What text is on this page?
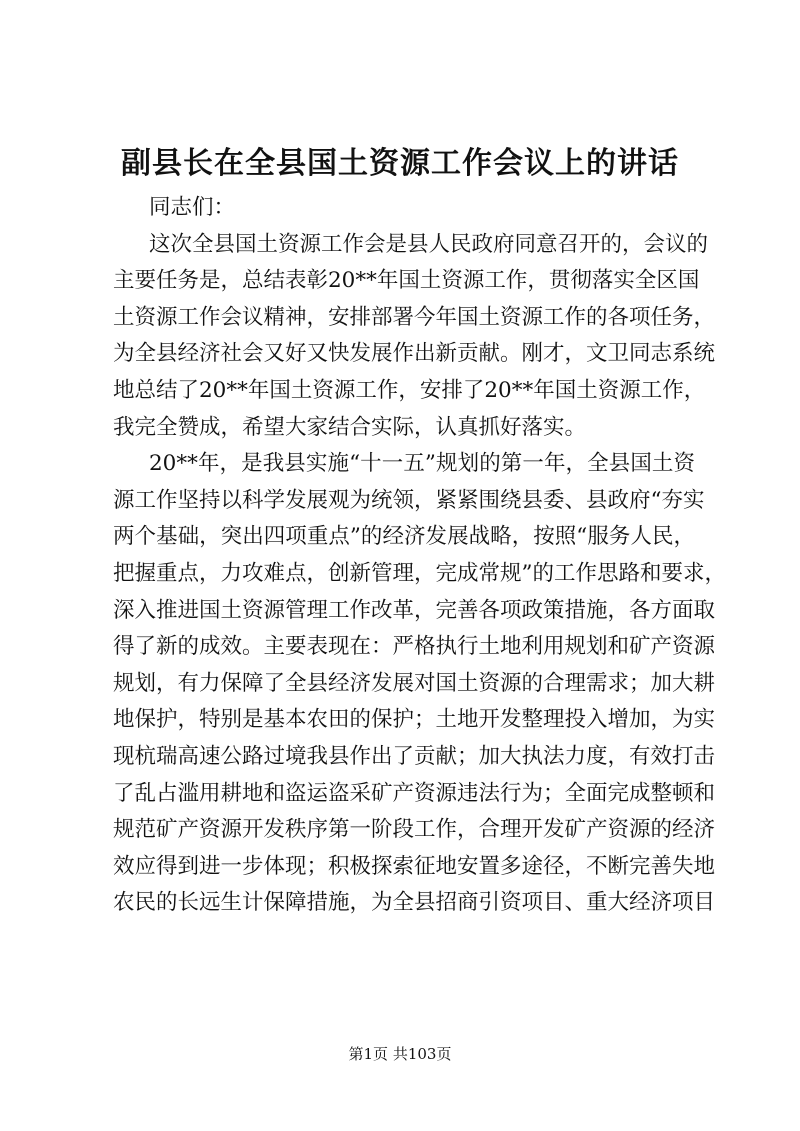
副县长在全县国土资源工作会议上的讲话
同志们：
这次全县国土资源工作会是县人民政府同意召开的，会议的
主要任务是，总结表彰20**年国土资源工作，贯彻落实全区国
土资源工作会议精神，安排部署今年国土资源工作的各项任务，
为全县经济社会又好又快发展作出新贡献。刚才，文卫同志系统
地总结了20**年国土资源工作，安排了20**年国土资源工作，
我完全赞成，希望大家结合实际，认真抓好落实。
20**年，是我县实施“十一五”规划的第一年，全县国土资
源工作坚持以科学发展观为统领，紧紧围绕县委、县政府“夯实
两个基础，突出四项重点”的经济发展战略，按照“服务人民，
把握重点，力攻难点，创新管理，完成常规”的工作思路和要求，
深入推进国土资源管理工作改革，完善各项政策措施，各方面取
得了新的成效。主要表现在：严格执行土地利用规划和矿产资源
规划，有力保障了全县经济发展对国土资源的合理需求；加大耕
地保护，特别是基本农田的保护；土地开发整理投入增加，为实
现杭瑞高速公路过境我县作出了贡献；加大执法力度，有效打击
了乱占滥用耕地和盗运盗采矿产资源违法行为；全面完成整顿和
规范矿产资源开发秩序第一阶段工作，合理开发矿产资源的经济
效应得到进一步体现；积极探索征地安置多途径，不断完善失地
农民的长远生计保障措施，为全县招商引资项目、重大经济项目
第1页 共103页
